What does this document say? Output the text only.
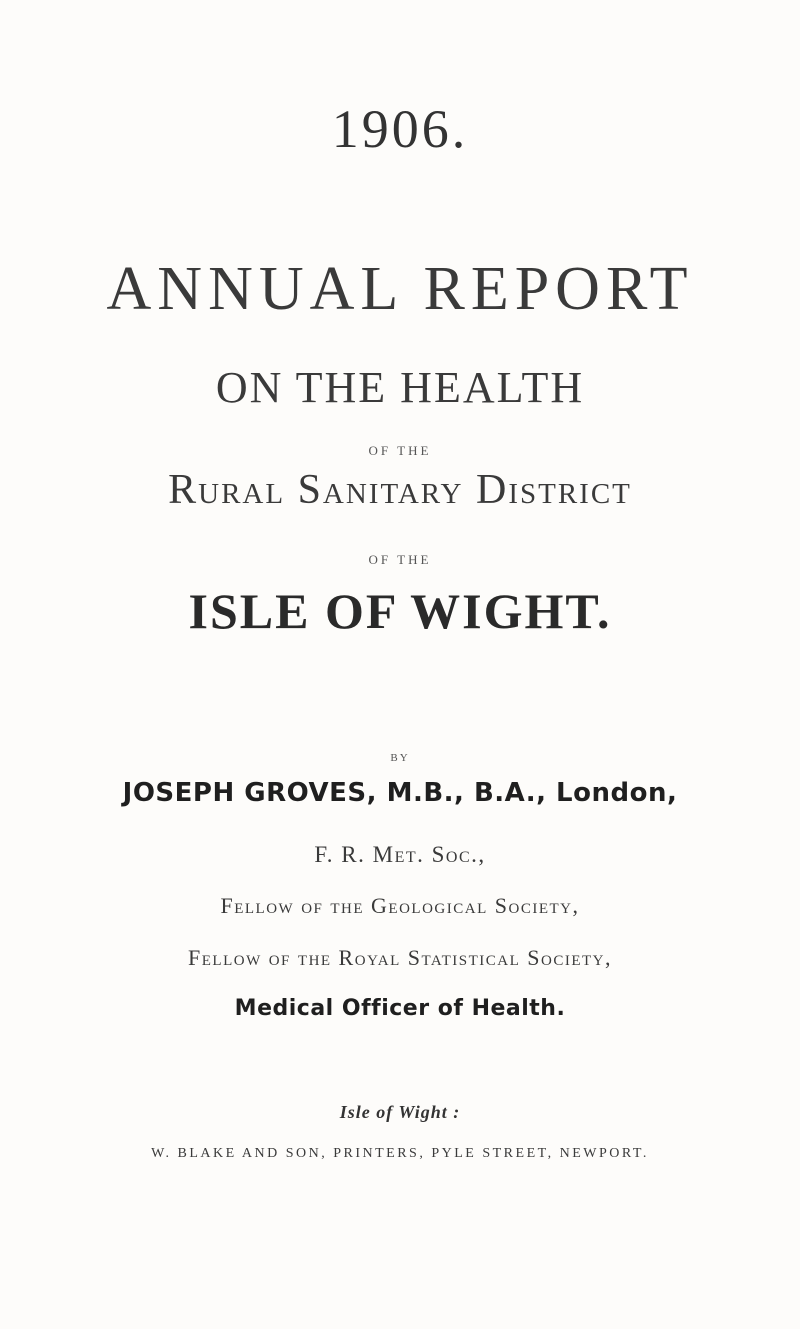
1906.
ANNUAL REPORT
ON THE HEALTH
OF THE
Rural Sanitary District
OF THE
ISLE OF WIGHT.
BY
JOSEPH GROVES, M.B., B.A., London,
F. R. Met. Soc.,
Fellow of the Geological Society,
Fellow of the Royal Statistical Society,
Medical Officer of Health.
Isle of Wight :
W. BLAKE AND SON, PRINTERS, PYLE STREET, NEWPORT.
